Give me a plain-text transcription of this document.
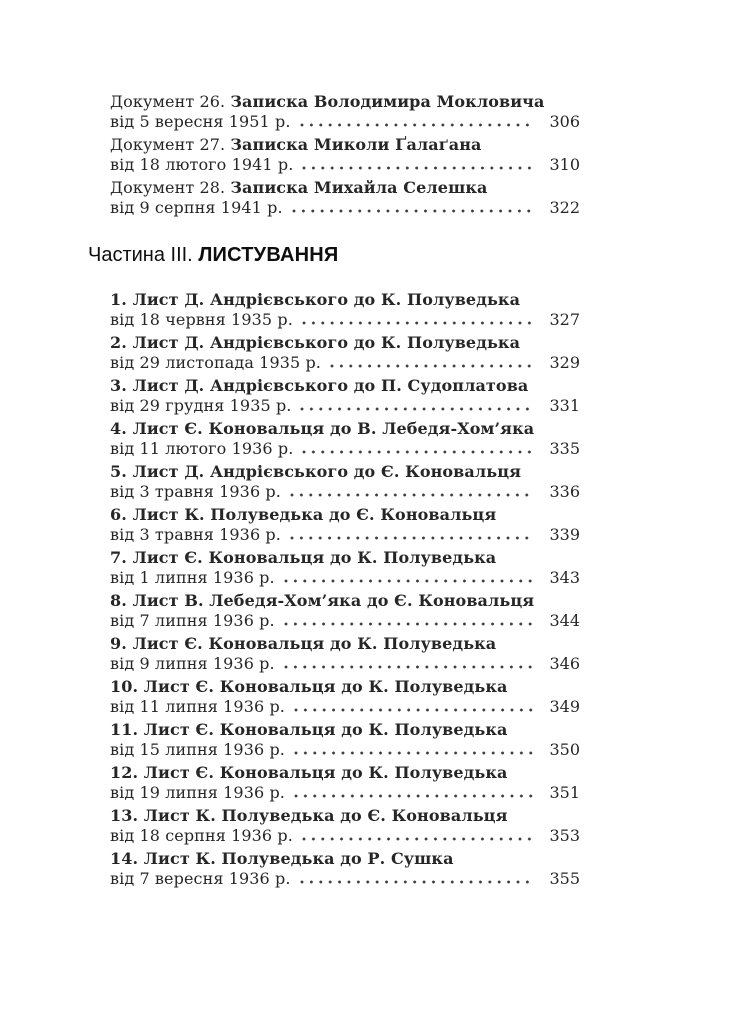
Документ 26. Записка Володимира Мокловича
від 5 вересня 1951 р.	306
Документ 27. Записка Миколи Ґалаґана
від 18 лютого 1941 р.	310
Документ 28. Записка Михайла Селешка
від 9 серпня 1941 р.	322
Частина III. ЛИСТУВАННЯ
1. Лист Д. Андрієвського до К. Полуведька
від 18 червня 1935 р.	327
2. Лист Д. Андрієвського до К. Полуведька
від 29 листопада 1935 р.	329
3. Лист Д. Андрієвського до П. Судоплатова
від 29 грудня 1935 р.	331
4. Лист Є. Коновальця до В. Лебедя-Хом’яка
від 11 лютого 1936 р.	335
5. Лист Д. Андрієвського до Є. Коновальця
від 3 травня 1936 р.	336
6. Лист К. Полуведька до Є. Коновальця
від 3 травня 1936 р.	339
7. Лист Є. Коновальця до К. Полуведька
від 1 липня 1936 р.	343
8. Лист В. Лебедя-Хом’яка до Є. Коновальця
від 7 липня 1936 р.	344
9. Лист Є. Коновальця до К. Полуведька
від 9 липня 1936 р.	346
10. Лист Є. Коновальця до К. Полуведька
від 11 липня 1936 р.	349
11. Лист Є. Коновальця до К. Полуведька
від 15 липня 1936 р.	350
12. Лист Є. Коновальця до К. Полуведька
від 19 липня 1936 р.	351
13. Лист К. Полуведька до Є. Коновальця
від 18 серпня 1936 р.	353
14. Лист К. Полуведька до Р. Сушка
від 7 вересня 1936 р.	355
